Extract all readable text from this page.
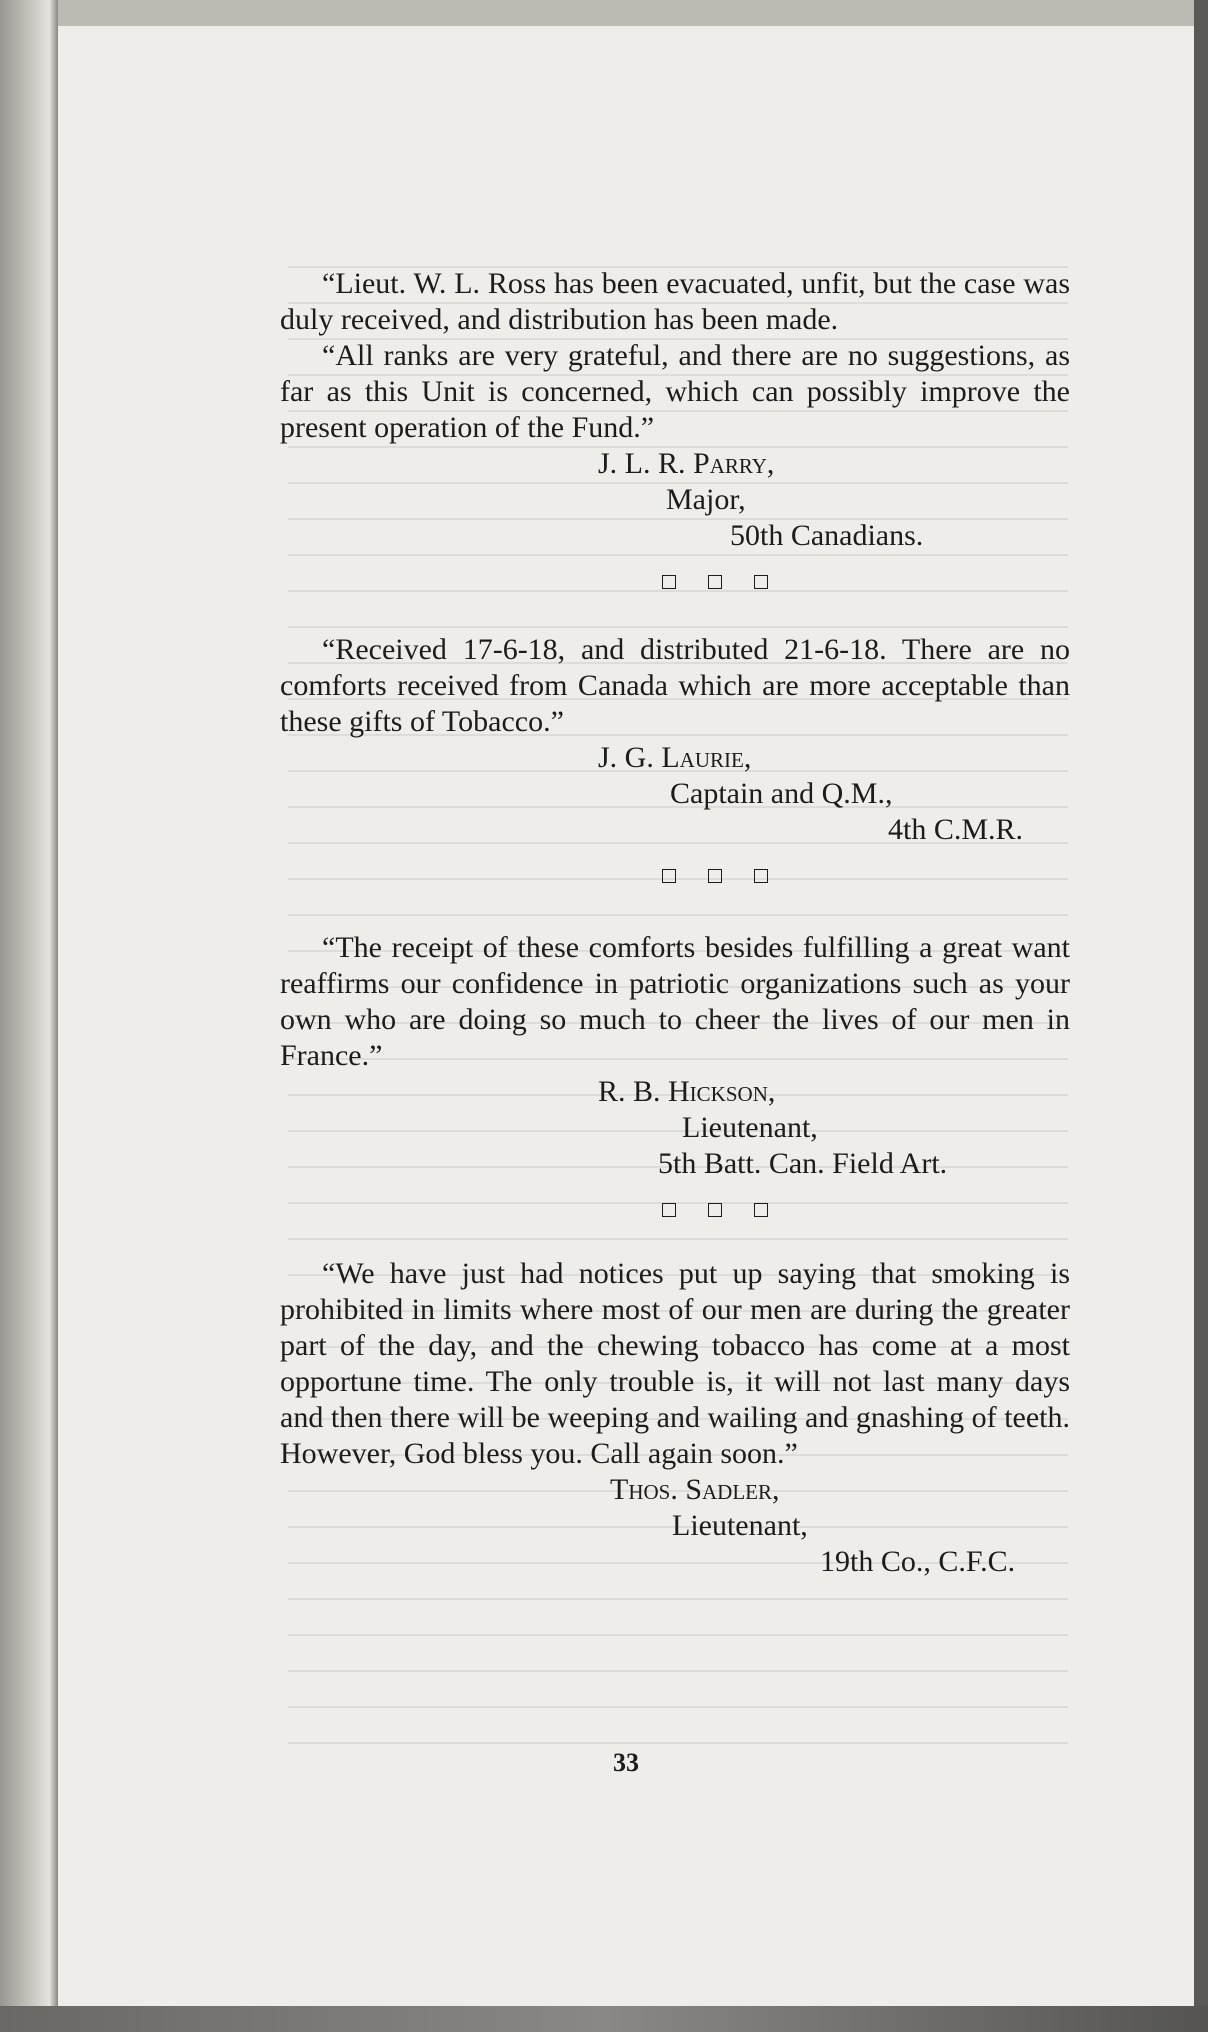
“Lieut. W. L. Ross has been evacuated, unfit, but the case was duly received, and distribution has been made.

“All ranks are very grateful, and there are no suggestions, as far as this Unit is concerned, which can possibly improve the present operation of the Fund.”

J. L. R. Parry,

Major,

50th Canadians.

“Received 17-6-18, and distributed 21-6-18. There are no comforts received from Canada which are more acceptable than these gifts of Tobacco.”

J. G. Laurie,

Captain and Q.M.,

4th C.M.R.

“The receipt of these comforts besides fulfilling a great want reaffirms our confidence in patriotic organizations such as your own who are doing so much to cheer the lives of our men in France.”

R. B. Hickson,

Lieutenant,

5th Batt. Can. Field Art.

“We have just had notices put up saying that smoking is prohibited in limits where most of our men are during the greater part of the day, and the chewing tobacco has come at a most opportune time. The only trouble is, it will not last many days and then there will be weeping and wailing and gnashing of teeth. However, God bless you. Call again soon.”

Thos. Sadler,

Lieutenant,

19th Co., C.F.C.

33
